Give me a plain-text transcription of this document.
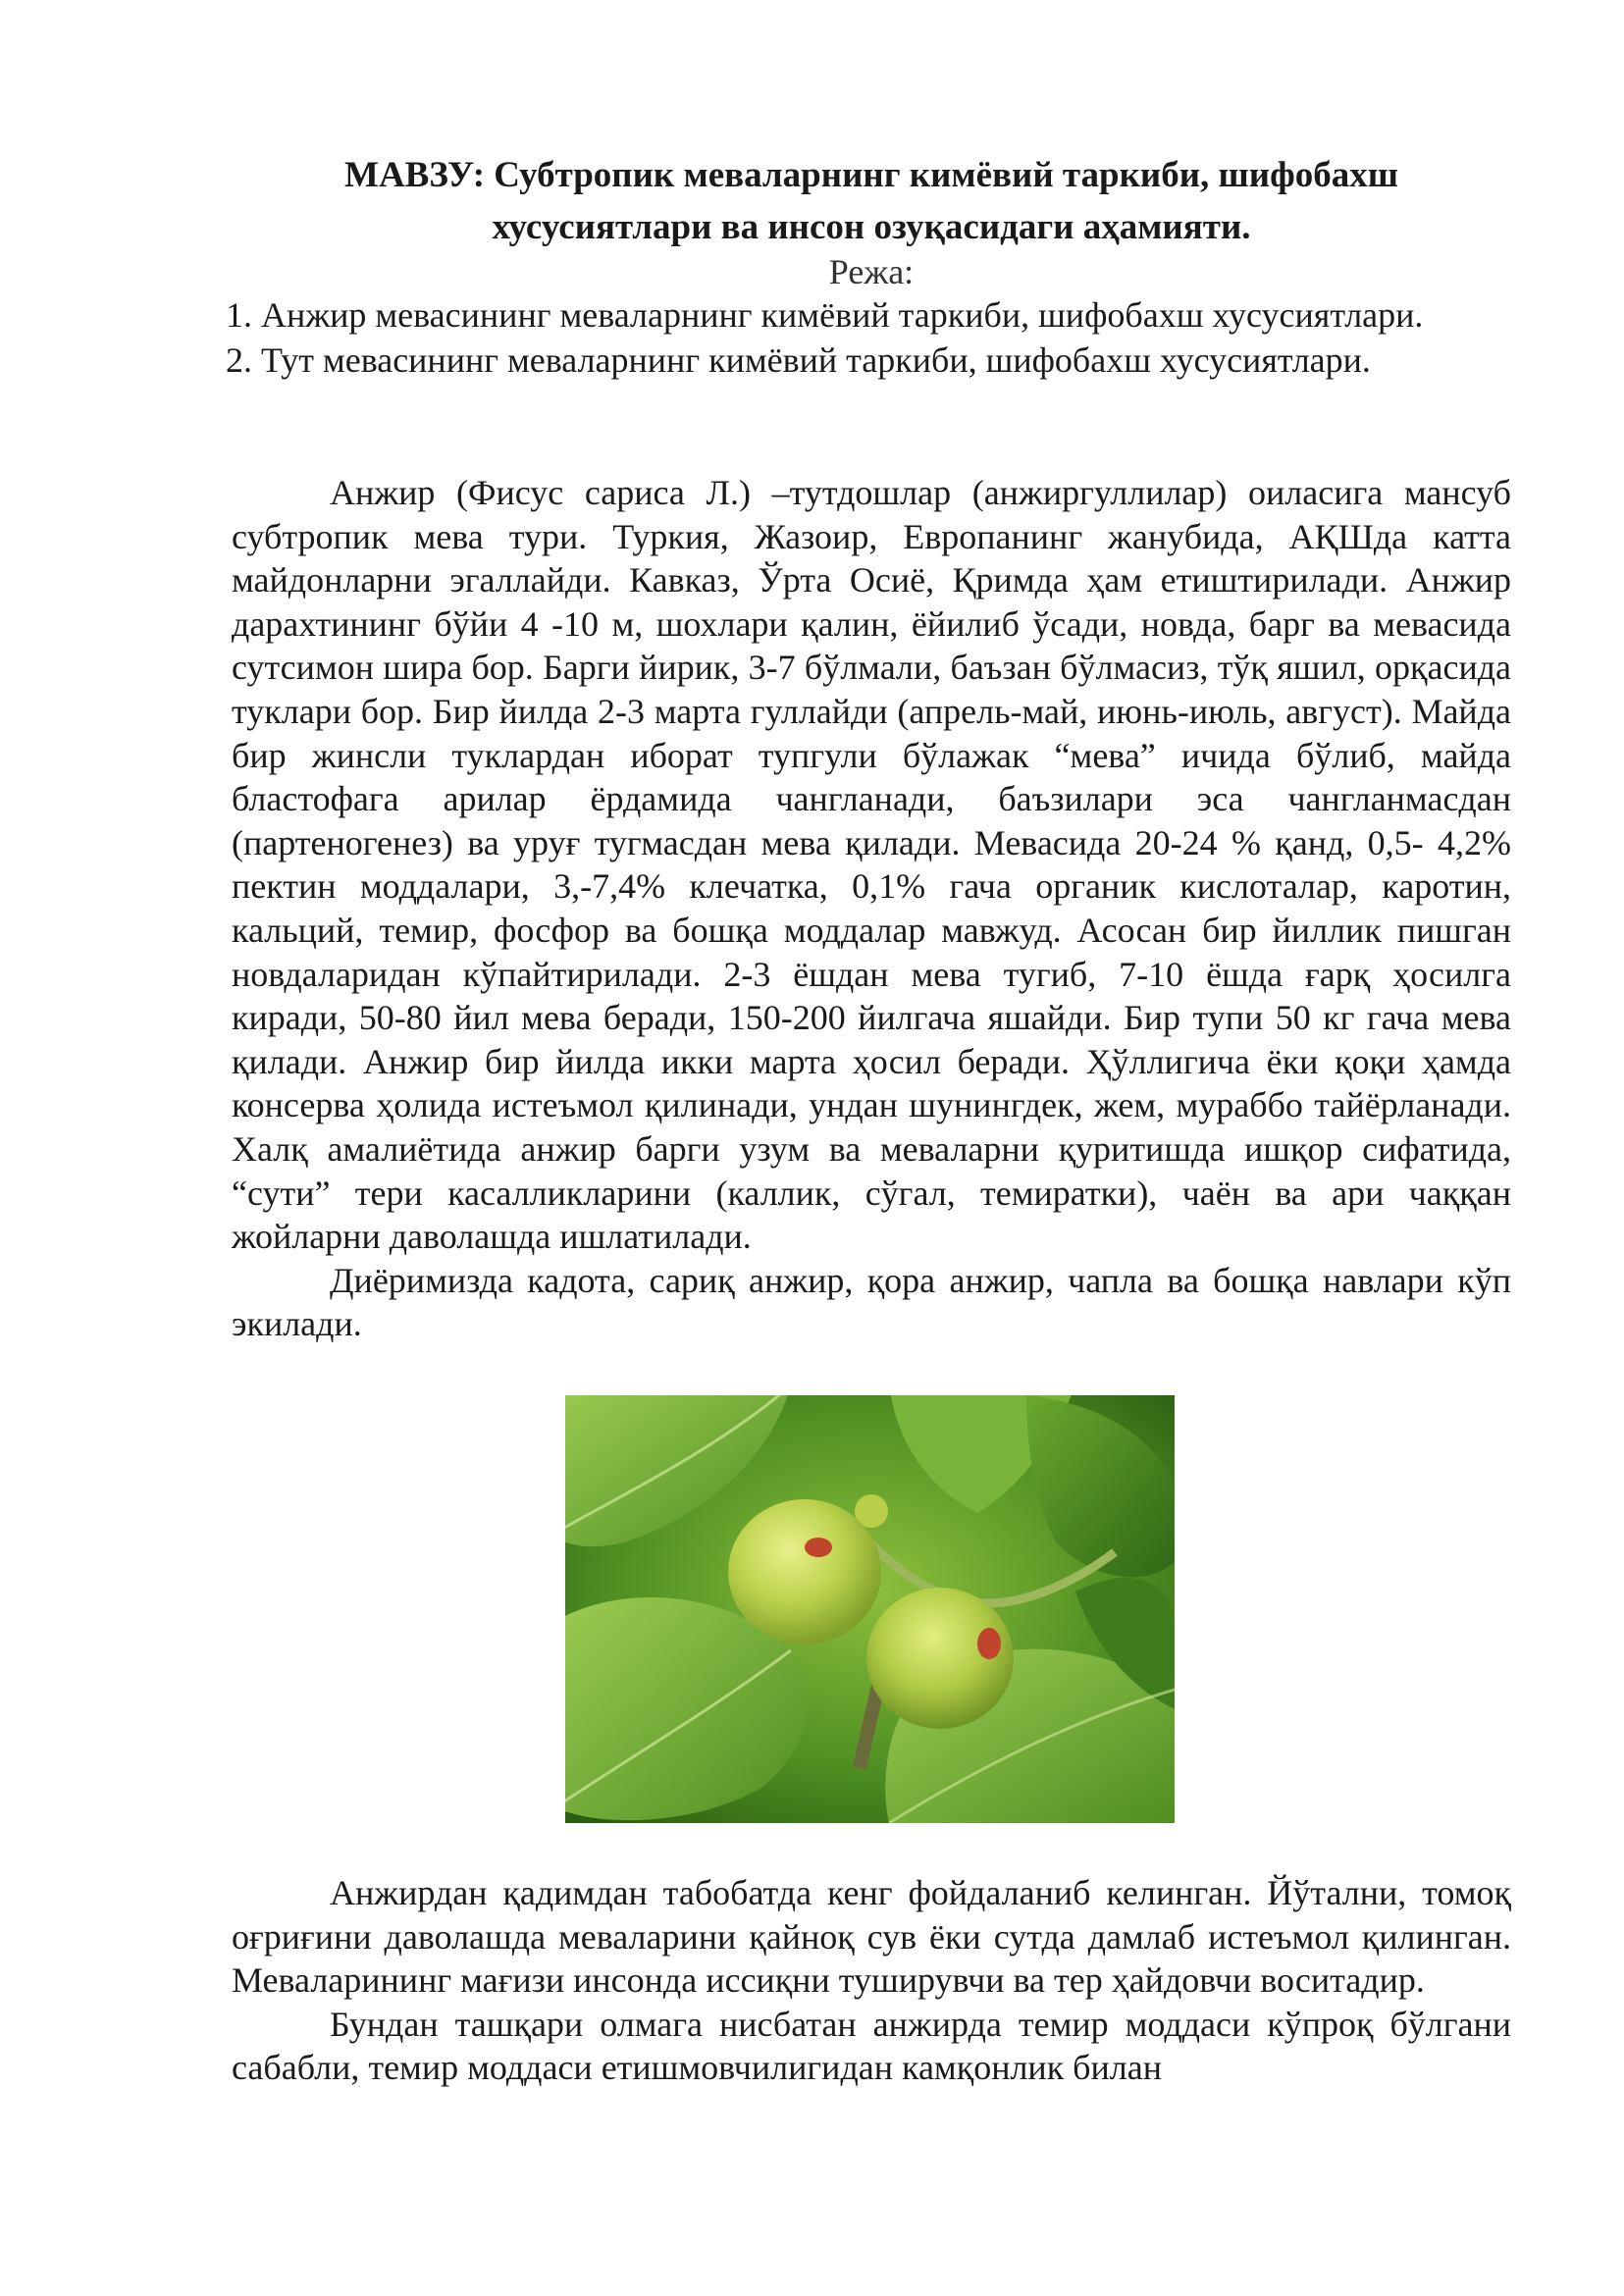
МАВЗУ: Субтропик меваларнинг кимёвий таркиби, шифобахш хусусиятлари ва инсон озуқасидаги аҳамияти.
Режа:
1. Анжир мевасининг меваларнинг кимёвий таркиби, шифобахш хусусиятлари.
2. Тут мевасининг меваларнинг кимёвий таркиби, шифобахш хусусиятлари.

Анжир (Фисус сариса Л.) –тутдошлар (анжиргуллилар) оиласига мансуб субтропик мева тури. Туркия, Жазоир, Европанинг жанубида, АҚШда катта майдонларни эгаллайди. Кавказ, Ўрта Осиё, Қримда ҳам етиштирилади. Анжир дарахтининг бўйи 4 -10 м, шохлари қалин, ёйилиб ўсади, новда, барг ва мевасида сутсимон шира бор. Барги йирик, 3-7 бўлмали, баъзан бўлмасиз, тўқ яшил, орқасида туклари бор. Бир йилда 2-3 марта гуллайди (апрель-май, июнь-июль, август). Майда бир жинсли туклардан иборат тупгули бўлажак “мева” ичида бўлиб, майда бластофага арилар ёрдамида чангланади, баъзилари эса чангланмасдан (партеногенез) ва уруғ тугмасдан мева қилади. Мевасида 20-24 % қанд, 0,5- 4,2% пектин моддалари, 3,-7,4% клечатка, 0,1% гача органик кислоталар, каротин, кальций, темир, фосфор ва бошқа моддалар мавжуд. Асосан бир йиллик пишган новдаларидан кўпайтирилади. 2-3 ёшдан мева тугиб, 7-10 ёшда ғарқ ҳосилга киради, 50-80 йил мева беради, 150-200 йилгача яшайди. Бир тупи 50 кг гача мева қилади. Анжир бир йилда икки марта ҳосил беради. Ҳўллигича ёки қоқи ҳамда консерва ҳолида истеъмол қилинади, ундан шунингдек, жем, мураббо тайёрланади. Халқ амалиётида анжир барги узум ва меваларни қуритишда ишқор сифатида, “сути” тери касалликларини (каллик, сўгал, темиратки), чаён ва ари чаққан жойларни даволашда ишлатилади.

Диёримизда кадота, сариқ анжир, қора анжир, чапла ва бошқа навлари кўп экилади.

Анжирдан қадимдан табобатда кенг фойдаланиб келинган. Йўтални, томоқ оғриғини даволашда меваларини қайноқ сув ёки сутда дамлаб истеъмол қилинган. Меваларининг мағизи инсонда иссиқни туширувчи ва тер ҳайдовчи воситадир.

Бундан ташқари олмага нисбатан анжирда темир моддаси кўпроқ бўлгани сабабли, темир моддаси етишмовчилигидан камқонлик билан
